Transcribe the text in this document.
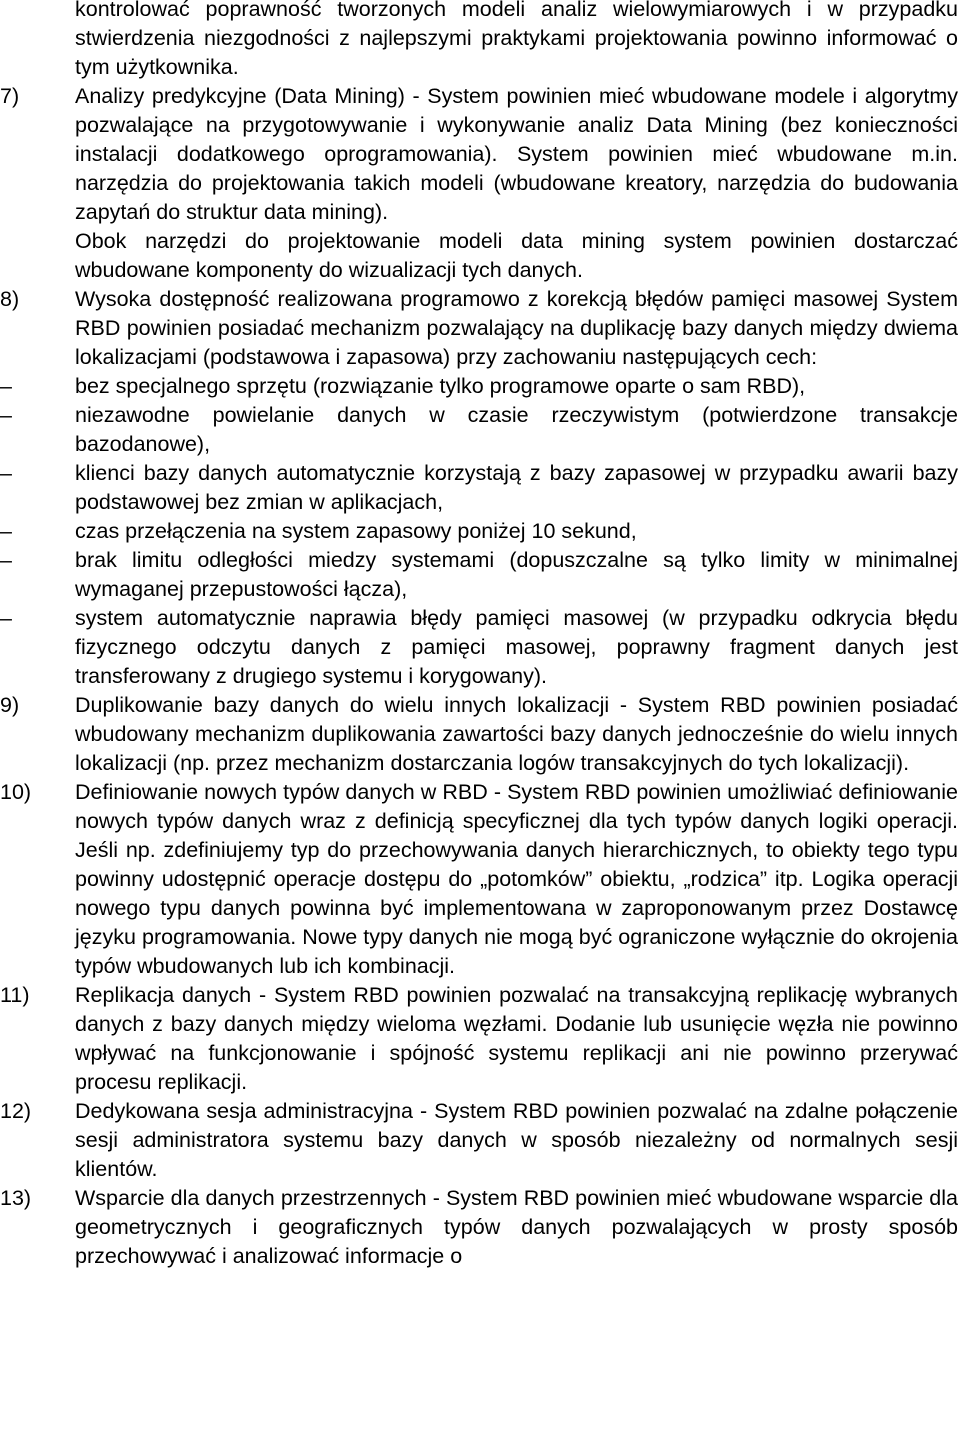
kontrolować poprawność tworzonych modeli analiz wielowymiarowych i w przypadku stwierdzenia niezgodności z najlepszymi praktykami projektowania powinno informować o tym użytkownika.
7)	Analizy predykcyjne (Data Mining) - System powinien mieć wbudowane modele i algorytmy pozwalające na przygotowywanie i wykonywanie analiz Data Mining (bez konieczności instalacji dodatkowego oprogramowania). System powinien mieć wbudowane m.in. narzędzia do projektowania takich modeli (wbudowane kreatory, narzędzia do budowania zapytań do struktur data mining).
Obok narzędzi do projektowanie modeli data mining system powinien dostarczać wbudowane komponenty do wizualizacji tych danych.
8)	Wysoka dostępność realizowana programowo z korekcją błędów pamięci masowej System RBD powinien posiadać mechanizm pozwalający na duplikację bazy danych między dwiema lokalizacjami (podstawowa i zapasowa) przy zachowaniu następujących cech:
–	bez specjalnego sprzętu (rozwiązanie tylko programowe oparte o sam RBD),
–	niezawodne powielanie danych w czasie rzeczywistym (potwierdzone transakcje bazodanowe),
–	klienci bazy danych automatycznie korzystają z bazy zapasowej w przypadku awarii bazy podstawowej bez zmian w aplikacjach,
–	czas przełączenia na system zapasowy poniżej 10 sekund,
–	brak limitu odległości miedzy systemami (dopuszczalne są tylko limity w minimalnej wymaganej przepustowości łącza),
–	system automatycznie naprawia błędy pamięci masowej (w przypadku odkrycia błędu fizycznego odczytu danych z pamięci masowej, poprawny fragment danych jest transferowany z drugiego systemu i korygowany).
9)	Duplikowanie bazy danych do wielu innych lokalizacji - System RBD powinien posiadać wbudowany mechanizm duplikowania zawartości bazy danych jednocześnie do wielu innych lokalizacji (np. przez mechanizm dostarczania logów transakcyjnych do tych lokalizacji).
10) Definiowanie nowych typów danych w RBD - System RBD powinien umożliwiać definiowanie nowych typów danych wraz z definicją specyficznej dla tych typów danych logiki operacji. Jeśli np. zdefiniujemy typ do przechowywania danych hierarchicznych, to obiekty tego typu powinny udostępnić operacje dostępu do „potomków” obiektu, „rodzica” itp. Logika operacji nowego typu danych powinna być implementowana w zaproponowanym przez Dostawcę języku programowania. Nowe typy danych nie mogą być ograniczone wyłącznie do okrojenia typów wbudowanych lub ich kombinacji.
11) Replikacja danych - System RBD powinien pozwalać na transakcyjną replikację wybranych danych z bazy danych między wieloma węzłami. Dodanie lub usunięcie węzła nie powinno wpływać na funkcjonowanie i spójność systemu replikacji ani nie powinno przerywać procesu replikacji.
12) Dedykowana sesja administracyjna - System RBD powinien pozwalać na zdalne połączenie sesji administratora systemu bazy danych w sposób niezależny od normalnych sesji klientów.
13) Wsparcie dla danych przestrzennych - System RBD powinien mieć wbudowane wsparcie dla geometrycznych i geograficznych typów danych pozwalających w prosty sposób przechowywać i analizować informacje o
